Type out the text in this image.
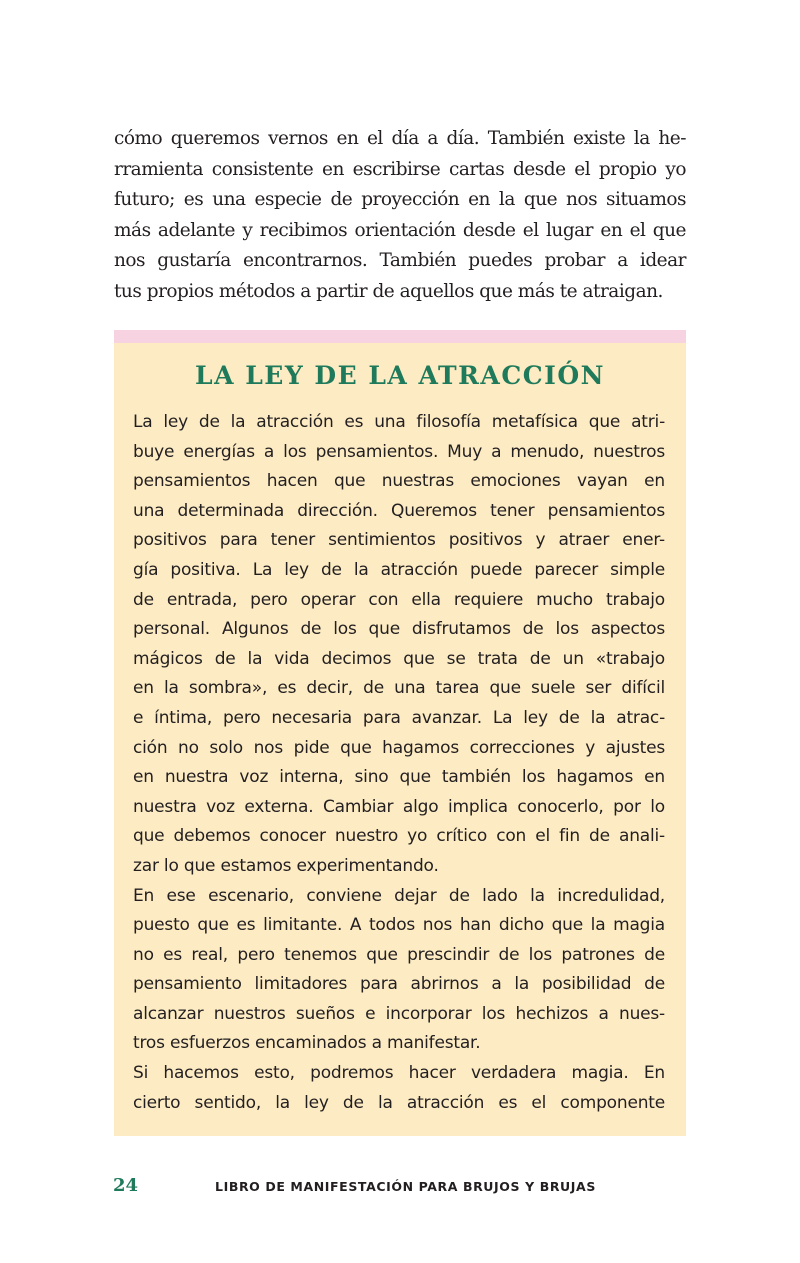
cómo queremos vernos en el día a día. También existe la he-
rramienta consistente en escribirse cartas desde el propio yo
futuro; es una especie de proyección en la que nos situamos
más adelante y recibimos orientación desde el lugar en el que
nos gustaría encontrarnos. También puedes probar a idear
tus propios métodos a partir de aquellos que más te atraigan.
LA LEY DE LA ATRACCIÓN
La ley de la atracción es una filosofía metafísica que atri-
buye energías a los pensamientos. Muy a menudo, nuestros
pensamientos hacen que nuestras emociones vayan en
una determinada dirección. Queremos tener pensamientos
positivos para tener sentimientos positivos y atraer ener-
gía positiva. La ley de la atracción puede parecer simple
de entrada, pero operar con ella requiere mucho trabajo
personal. Algunos de los que disfrutamos de los aspectos
mágicos de la vida decimos que se trata de un «trabajo
en la sombra», es decir, de una tarea que suele ser difícil
e íntima, pero necesaria para avanzar. La ley de la atrac-
ción no solo nos pide que hagamos correcciones y ajustes
en nuestra voz interna, sino que también los hagamos en
nuestra voz externa. Cambiar algo implica conocerlo, por lo
que debemos conocer nuestro yo crítico con el fin de anali-
zar lo que estamos experimentando.
En ese escenario, conviene dejar de lado la incredulidad,
puesto que es limitante. A todos nos han dicho que la magia
no es real, pero tenemos que prescindir de los patrones de
pensamiento limitadores para abrirnos a la posibilidad de
alcanzar nuestros sueños e incorporar los hechizos a nues-
tros esfuerzos encaminados a manifestar.
Si hacemos esto, podremos hacer verdadera magia. En
cierto sentido, la ley de la atracción es el componente
24	LIBRO DE MANIFESTACIÓN PARA BRUJOS Y BRUJAS
